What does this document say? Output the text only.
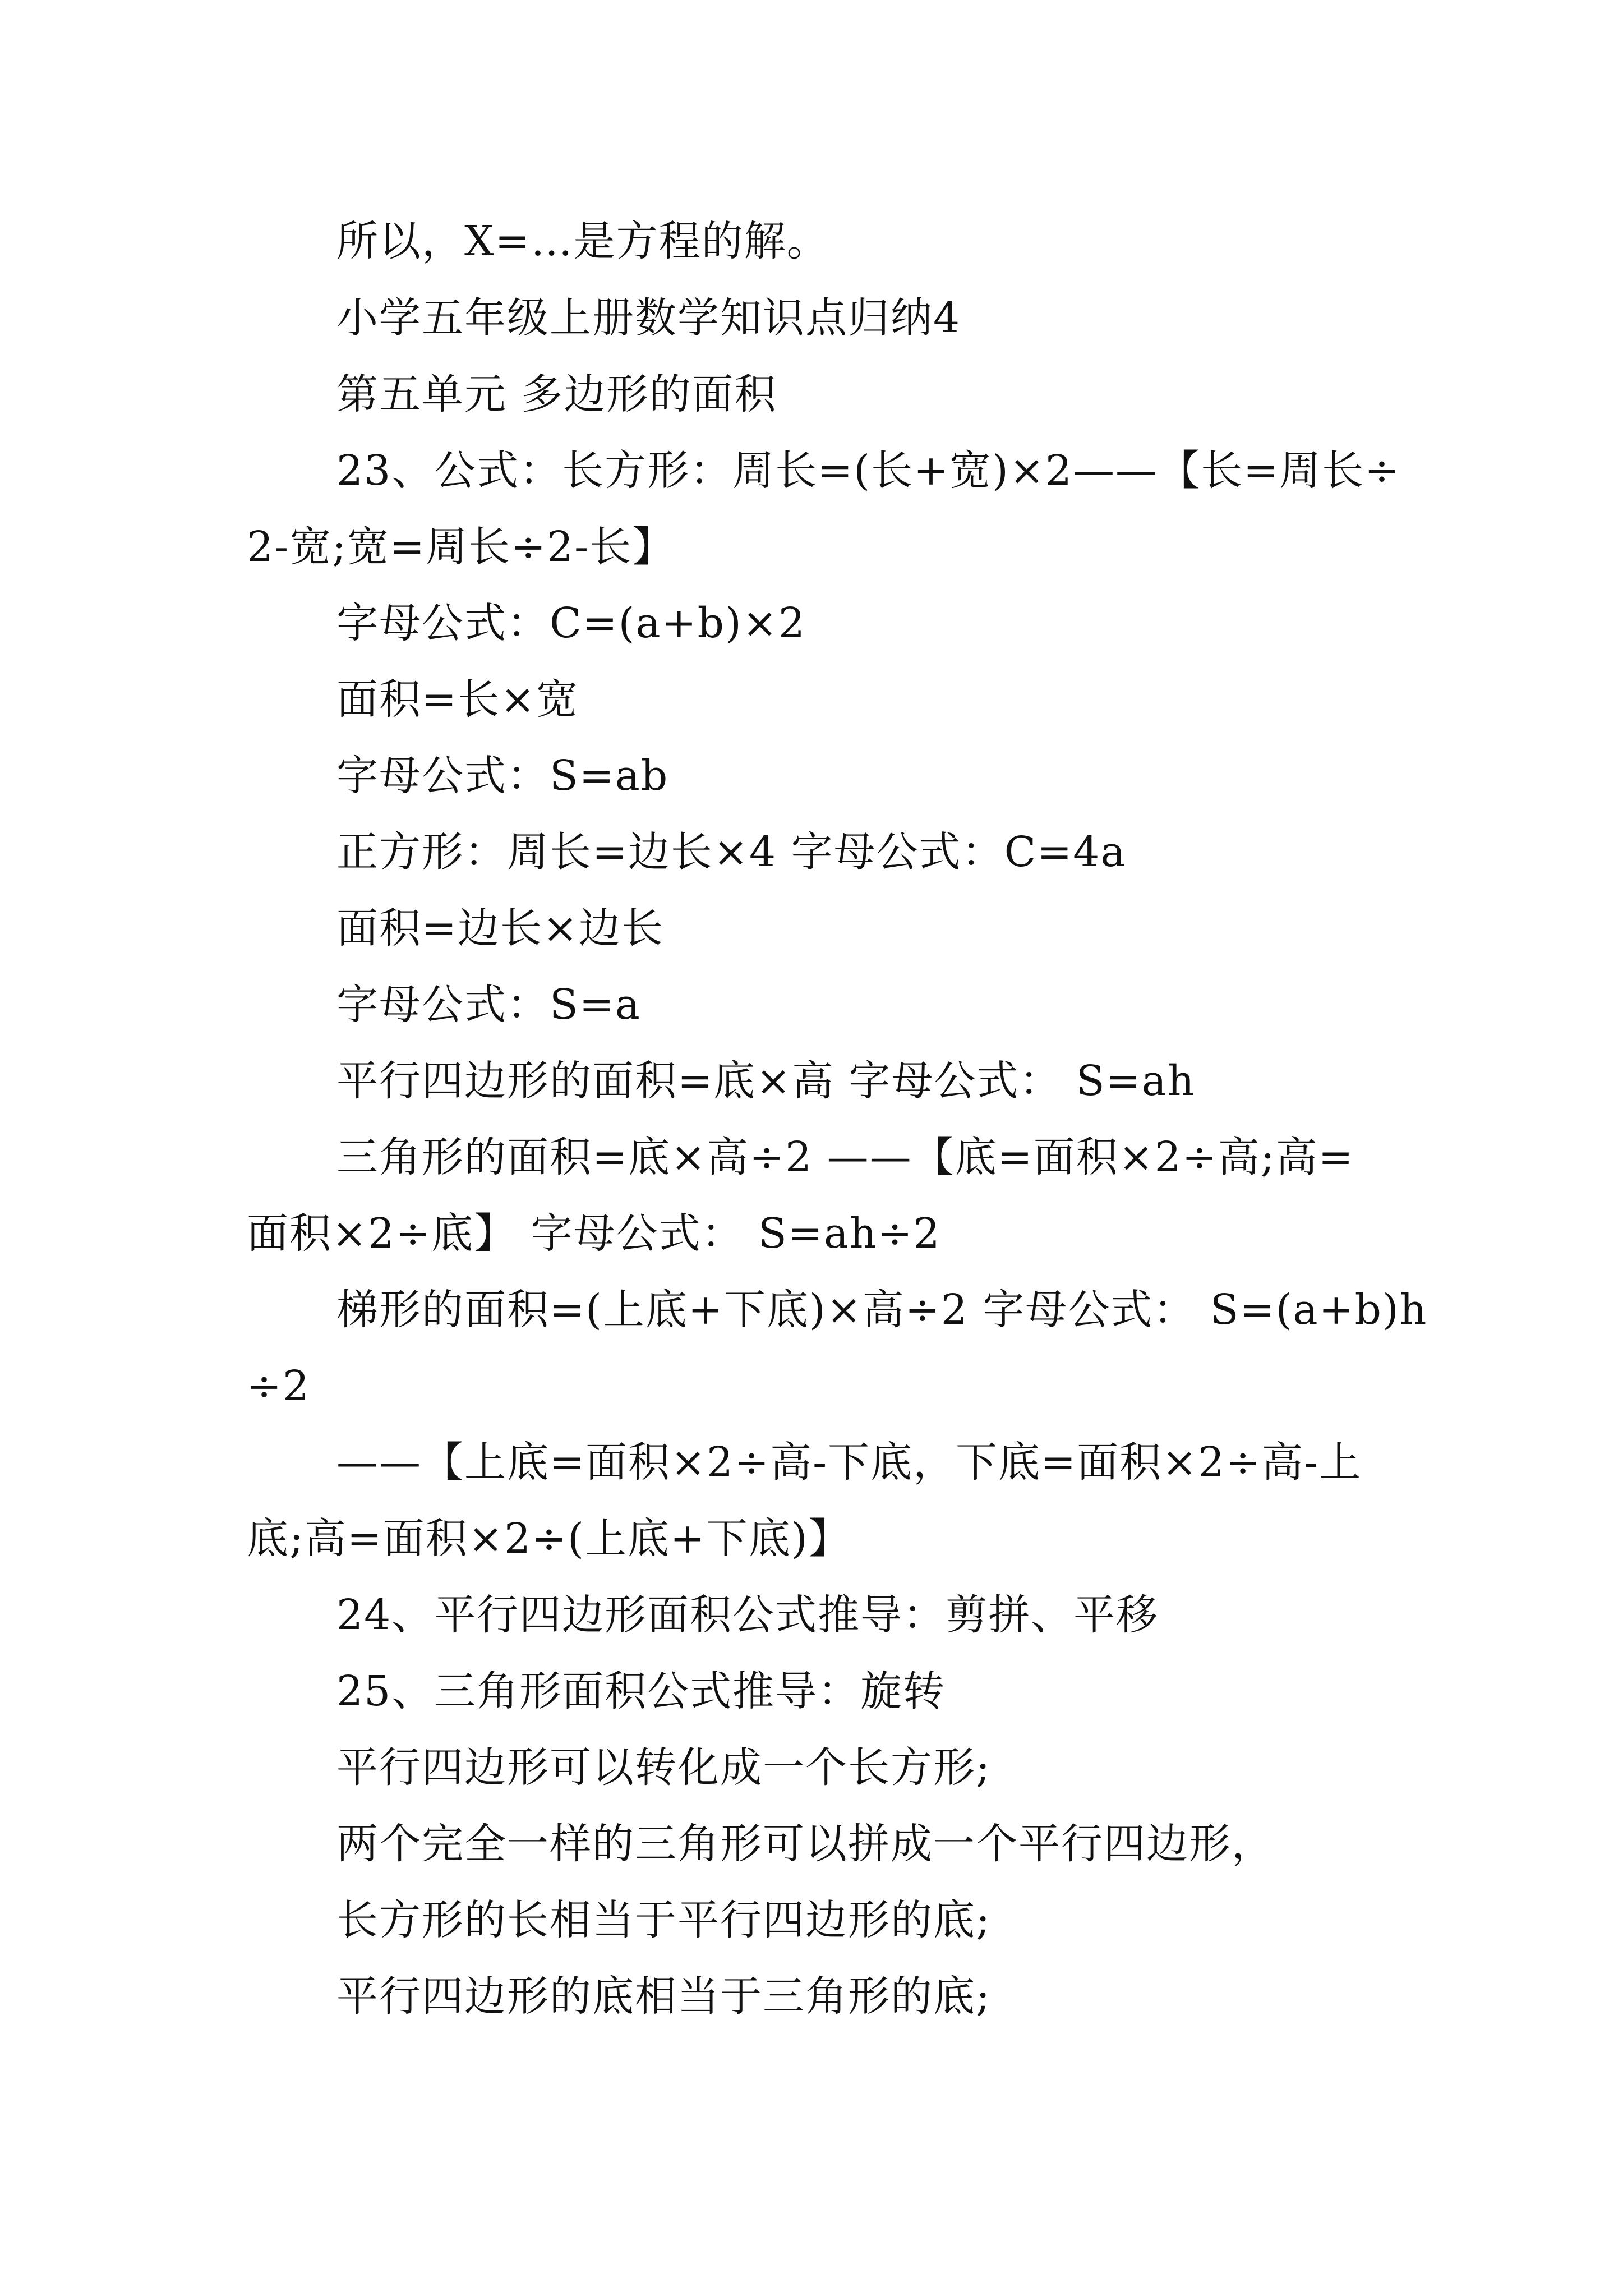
所以，X=…是方程的解。
小学五年级上册数学知识点归纳4
第五单元 多边形的面积
23、公式：长方形：周长=(长+宽)×2——【长=周长÷
2-宽;宽=周长÷2-长】
字母公式：C=(a+b)×2
面积=长×宽
字母公式：S=ab
正方形：周长=边长×4 字母公式：C=4a
面积=边长×边长
字母公式：S=a
平行四边形的面积=底×高 字母公式： S=ah
三角形的面积=底×高÷2 ——【底=面积×2÷高;高=
面积×2÷底】 字母公式： S=ah÷2
梯形的面积=(上底+下底)×高÷2 字母公式： S=(a+b)h
÷2
——【上底=面积×2÷高-下底，下底=面积×2÷高-上
底;高=面积×2÷(上底+下底)】
24、平行四边形面积公式推导：剪拼、平移
25、三角形面积公式推导：旋转
平行四边形可以转化成一个长方形;
两个完全一样的三角形可以拼成一个平行四边形，
长方形的长相当于平行四边形的底;
平行四边形的底相当于三角形的底;
